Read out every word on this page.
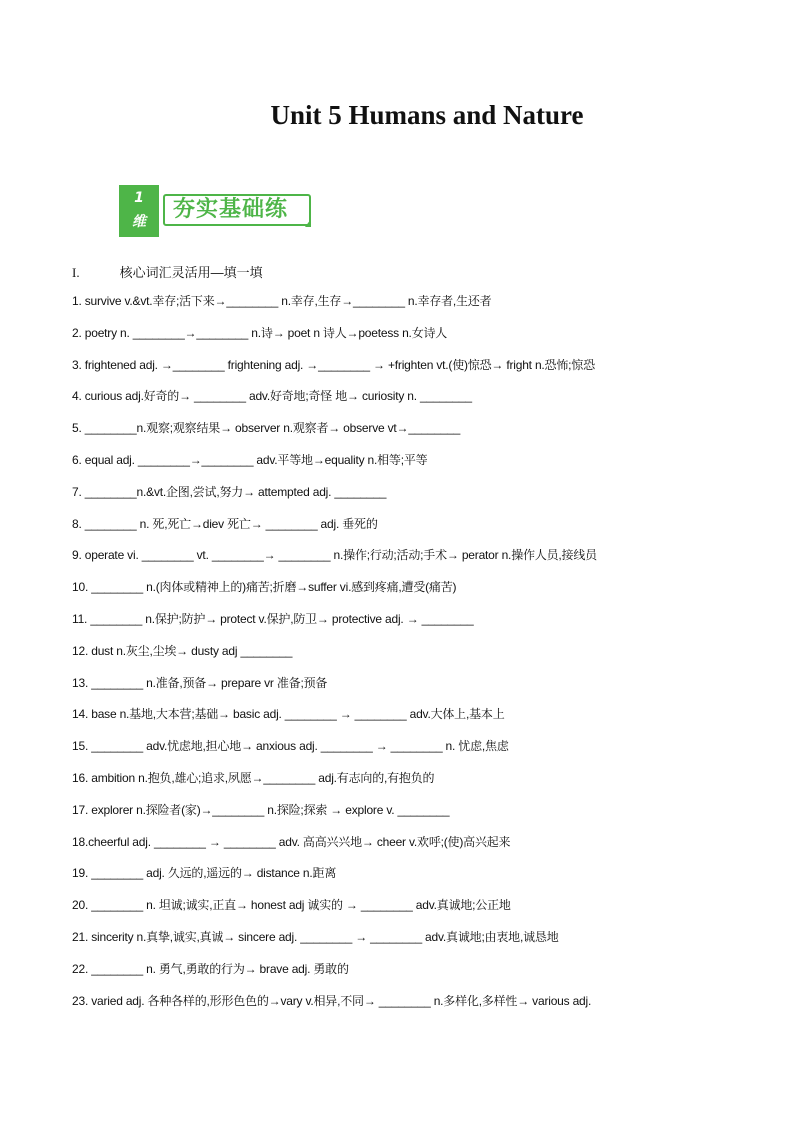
Unit 5 Humans and Nature
1
维	夯实基础练
I.	核心词汇灵活用—填一填
1. survive v.&vt.幸存;活下来→________ n.幸存,生存→________ n.幸存者,生还者
2. poetry n. ________→________ n.诗→ poet n 诗人→poetess n.女诗人
3. frightened adj. →________ frightening adj. →________ → +frighten vt.(使)惊恐→ fright n.恐怖;惊恐
4. curious adj.好奇的→ ________ adv.好奇地;奇怪 地→ curiosity n. ________
5. ________n.观察;观察结果→ observer n.观察者→ observe vt→________
6. equal adj. ________→________ adv.平等地→equality n.相等;平等
7. ________n.&vt.企图,尝试,努力→ attempted adj. ________
8. ________ n. 死,死亡→diev 死亡→ ________ adj. 垂死的
9. operate vi. ________ vt. ________→ ________ n.操作;行动;活动;手术→ perator n.操作人员,接线员
10. ________ n.(肉体或精神上的)痛苦;折磨→suffer vi.感到疼痛,遭受(痛苦)
11. ________ n.保护;防护→ protect v.保护,防卫→ protective adj. → ________
12. dust n.灰尘,尘埃→ dusty adj ________
13. ________ n.准备,预备→ prepare vr 准备;预备
14. base n.基地,大本营;基础→ basic adj. ________ → ________ adv.大体上,基本上
15. ________ adv.忧虑地,担心地→ anxious adj. ________ → ________ n. 忧虑,焦虑
16. ambition n.抱负,雄心;追求,夙愿→________ adj.有志向的,有抱负的
17. explorer n.探险者(家)→________ n.探险;探索 → explore v. ________
18.cheerful adj. ________ → ________ adv. 高高兴兴地→ cheer v.欢呼;(使)高兴起来
19. ________ adj. 久远的,遥远的→ distance n.距离
20. ________ n. 坦诚;诚实,正直→ honest adj 诚实的 → ________ adv.真诚地;公正地
21. sincerity n.真挚,诚实,真诚→ sincere adj. ________ → ________ adv.真诚地;由衷地,诚恳地
22. ________ n. 勇气,勇敢的行为→ brave adj. 勇敢的
23. varied adj. 各种各样的,形形色色的→vary v.相异,不同→ ________ n.多样化,多样性→ various adj.
